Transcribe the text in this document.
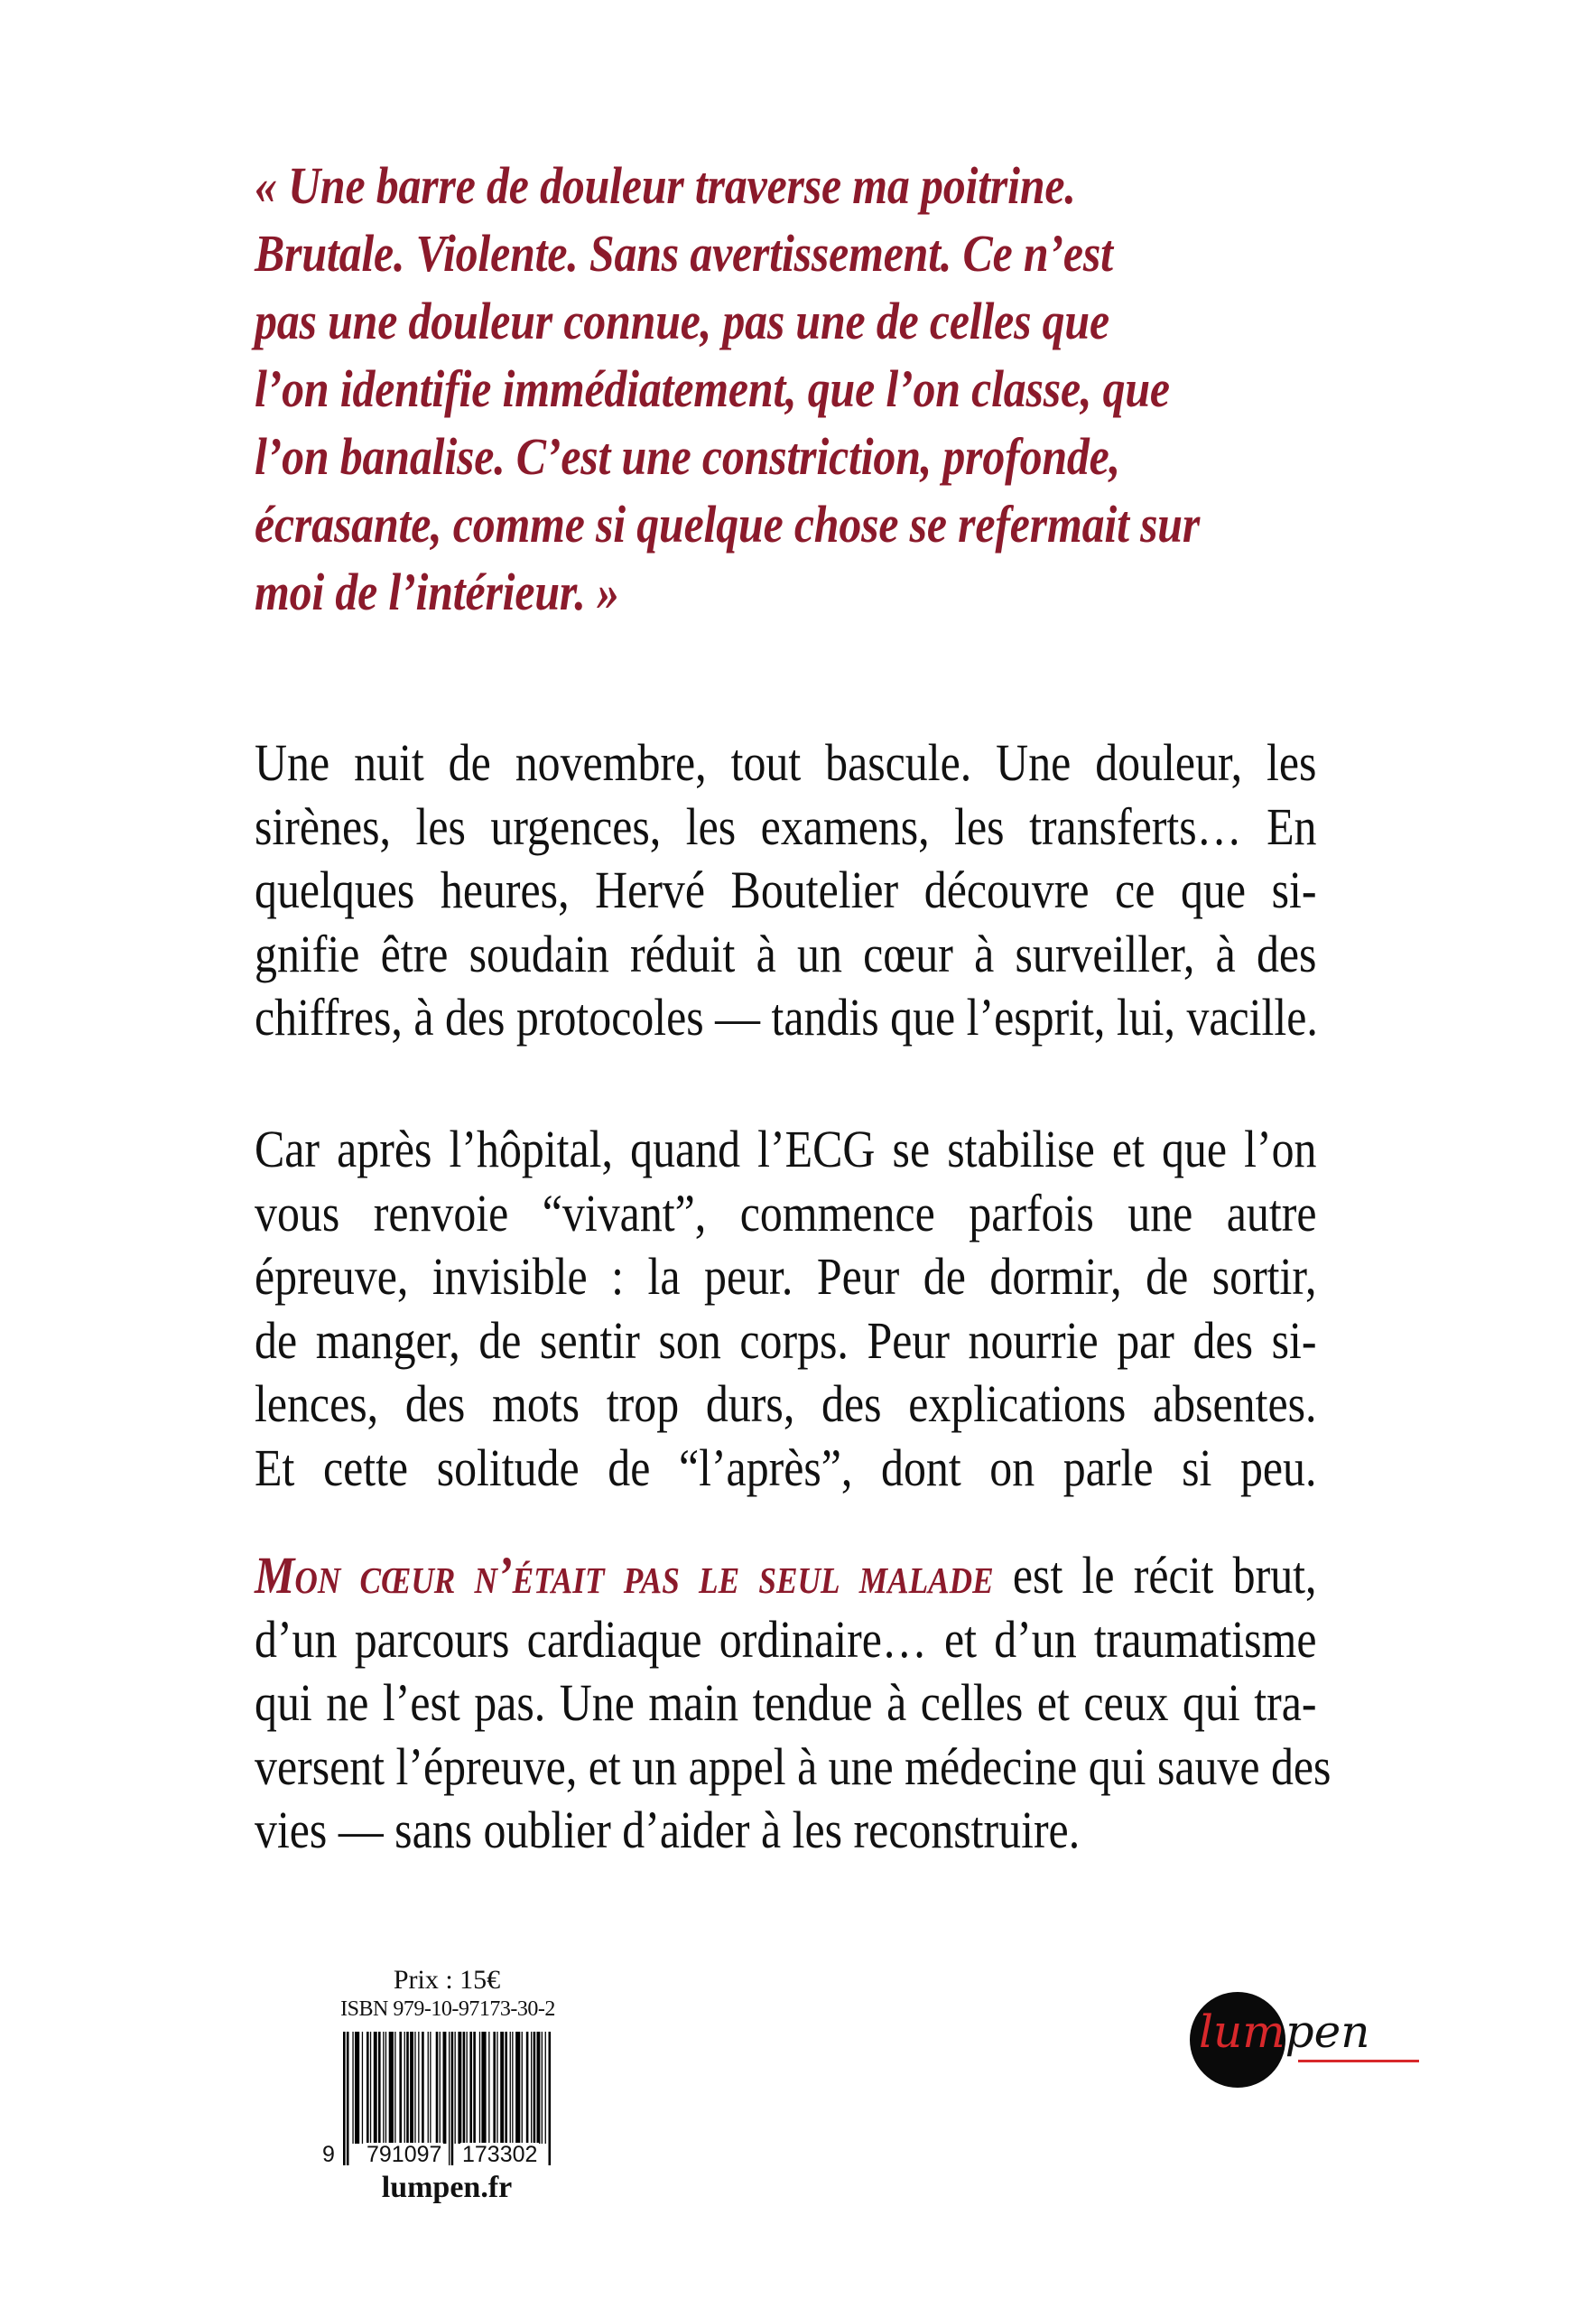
« Une barre de douleur traverse ma poitrine.
Brutale. Violente. Sans avertissement. Ce n’est
pas une douleur connue, pas une de celles que
l’on identifie immédiatement, que l’on classe, que
l’on banalise. C’est une constriction, profonde,
écrasante, comme si quelque chose se refermait sur
moi de l’intérieur. »
Une nuit de novembre, tout bascule. Une douleur, les
sirènes, les urgences, les examens, les transferts… En
quelques heures, Hervé Boutelier découvre ce que si-
gnifie être soudain réduit à un cœur à surveiller, à des
chiffres, à des protocoles — tandis que l’esprit, lui, vacille.
Car après l’hôpital, quand l’ECG se stabilise et que l’on
vous renvoie “vivant”, commence parfois une autre
épreuve, invisible : la peur. Peur de dormir, de sortir,
de manger, de sentir son corps. Peur nourrie par des si-
lences, des mots trop durs, des explications absentes.
Et cette solitude de “l’après”, dont on parle si peu.
Mon cœur n’était pas le seul malade est le récit brut,
d’un parcours cardiaque ordinaire… et d’un traumatisme
qui ne l’est pas. Une main tendue à celles et ceux qui tra-
versent l’épreuve, et un appel à une médecine qui sauve des
vies — sans oublier d’aider à les reconstruire.
Prix : 15€
ISBN 979-10-97173-30-2
9 791097 173302
lumpen.fr
lumpen
